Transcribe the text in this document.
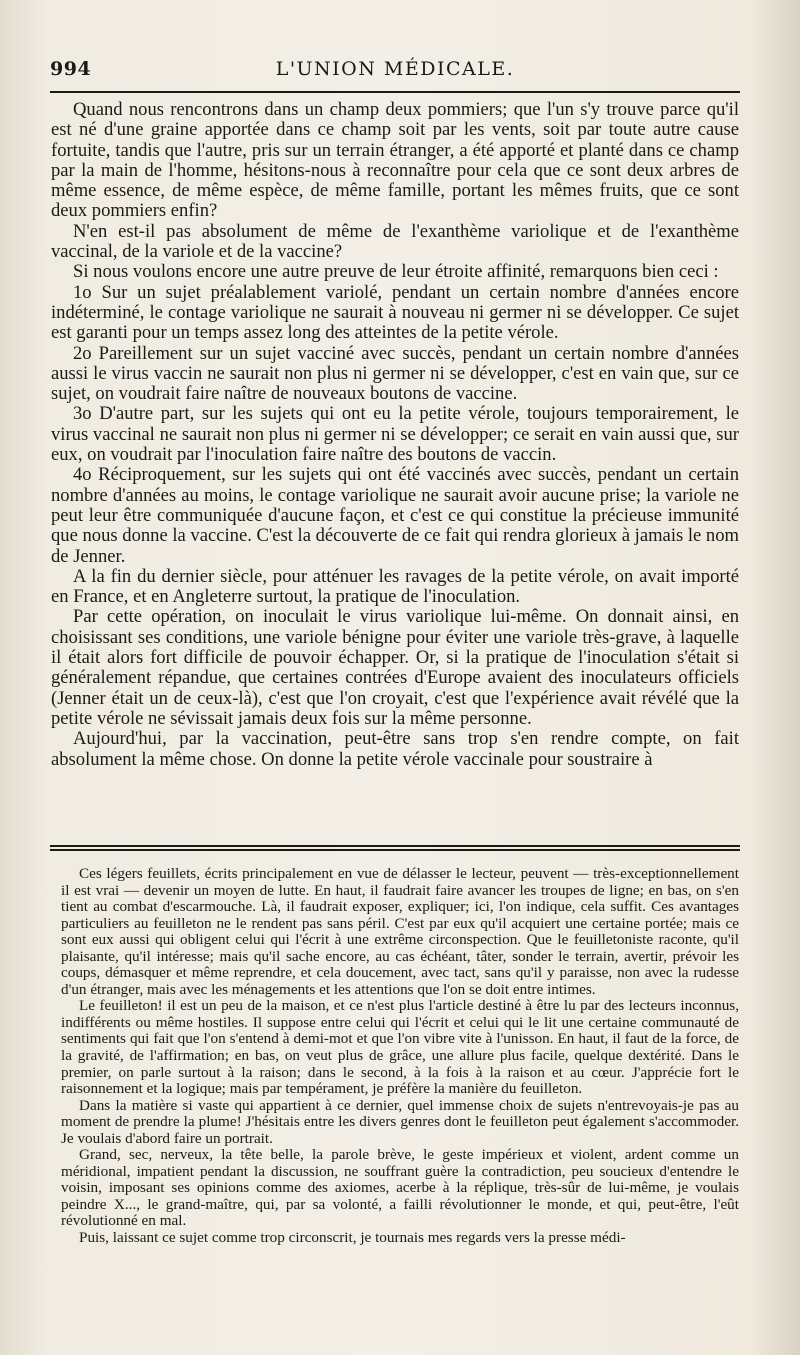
994	L'UNION MÉDICALE.

Quand nous rencontrons dans un champ deux pommiers; que l'un s'y trouve parce qu'il est né d'une graine apportée dans ce champ soit par les vents, soit par toute autre cause fortuite, tandis que l'autre, pris sur un terrain étranger, a été apporté et planté dans ce champ par la main de l'homme, hésitons-nous à reconnaître pour cela que ce sont deux arbres de même essence, de même espèce, de même famille, portant les mêmes fruits, que ce sont deux pommiers enfin?

N'en est-il pas absolument de même de l'exanthème variolique et de l'exanthème vaccinal, de la variole et de la vaccine?

Si nous voulons encore une autre preuve de leur étroite affinité, remarquons bien ceci :

1o Sur un sujet préalablement variolé, pendant un certain nombre d'années encore indéterminé, le contage variolique ne saurait à nouveau ni germer ni se développer. Ce sujet est garanti pour un temps assez long des atteintes de la petite vérole.

2o Pareillement sur un sujet vacciné avec succès, pendant un certain nombre d'années aussi le virus vaccin ne saurait non plus ni germer ni se développer, c'est en vain que, sur ce sujet, on voudrait faire naître de nouveaux boutons de vaccine.

3o D'autre part, sur les sujets qui ont eu la petite vérole, toujours temporairement, le virus vaccinal ne saurait non plus ni germer ni se développer; ce serait en vain aussi que, sur eux, on voudrait par l'inoculation faire naître des boutons de vaccin.

4o Réciproquement, sur les sujets qui ont été vaccinés avec succès, pendant un certain nombre d'années au moins, le contage variolique ne saurait avoir aucune prise; la variole ne peut leur être communiquée d'aucune façon, et c'est ce qui constitue la précieuse immunité que nous donne la vaccine. C'est la découverte de ce fait qui rendra glorieux à jamais le nom de Jenner.

A la fin du dernier siècle, pour atténuer les ravages de la petite vérole, on avait importé en France, et en Angleterre surtout, la pratique de l'inoculation.

Par cette opération, on inoculait le virus variolique lui-même. On donnait ainsi, en choisissant ses conditions, une variole bénigne pour éviter une variole très-grave, à laquelle il était alors fort difficile de pouvoir échapper. Or, si la pratique de l'inoculation s'était si généralement répandue, que certaines contrées d'Europe avaient des inoculateurs officiels (Jenner était un de ceux-là), c'est que l'on croyait, c'est que l'expérience avait révélé que la petite vérole ne sévissait jamais deux fois sur la même personne.

Aujourd'hui, par la vaccination, peut-être sans trop s'en rendre compte, on fait absolument la même chose. On donne la petite vérole vaccinale pour soustraire à

Ces légers feuillets, écrits principalement en vue de délasser le lecteur, peuvent — très-exceptionnellement il est vrai — devenir un moyen de lutte. En haut, il faudrait faire avancer les troupes de ligne; en bas, on s'en tient au combat d'escarmouche. Là, il faudrait exposer, expliquer; ici, l'on indique, cela suffit. Ces avantages particuliers au feuilleton ne le rendent pas sans péril. C'est par eux qu'il acquiert une certaine portée; mais ce sont eux aussi qui obligent celui qui l'écrit à une extrême circonspection. Que le feuilletoniste raconte, qu'il plaisante, qu'il intéresse; mais qu'il sache encore, au cas échéant, tâter, sonder le terrain, avertir, prévoir les coups, démasquer et même reprendre, et cela doucement, avec tact, sans qu'il y paraisse, non avec la rudesse d'un étranger, mais avec les ménagements et les attentions que l'on se doit entre intimes.

Le feuilleton! il est un peu de la maison, et ce n'est plus l'article destiné à être lu par des lecteurs inconnus, indifférents ou même hostiles. Il suppose entre celui qui l'écrit et celui qui le lit une certaine communauté de sentiments qui fait que l'on s'entend à demi-mot et que l'on vibre vite à l'unisson. En haut, il faut de la force, de la gravité, de l'affirmation; en bas, on veut plus de grâce, une allure plus facile, quelque dextérité. Dans le premier, on parle surtout à la raison; dans le second, à la fois à la raison et au cœur. J'apprécie fort le raisonnement et la logique; mais par tempérament, je préfère la manière du feuilleton.

Dans la matière si vaste qui appartient à ce dernier, quel immense choix de sujets n'entrevoyais-je pas au moment de prendre la plume! J'hésitais entre les divers genres dont le feuilleton peut également s'accommoder. Je voulais d'abord faire un portrait.

Grand, sec, nerveux, la tête belle, la parole brève, le geste impérieux et violent, ardent comme un méridional, impatient pendant la discussion, ne souffrant guère la contradiction, peu soucieux d'entendre le voisin, imposant ses opinions comme des axiomes, acerbe à la réplique, très-sûr de lui-même, je voulais peindre X..., le grand-maître, qui, par sa volonté, a failli révolutionner le monde, et qui, peut-être, l'eût révolutionné en mal.

Puis, laissant ce sujet comme trop circonscrit, je tournais mes regards vers la presse médi-
